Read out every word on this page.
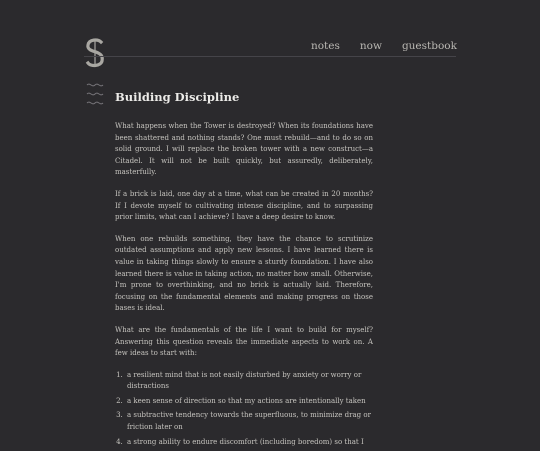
notes now guestbook
Building Discipline

What happens when the Tower is destroyed? When its foundations have been shattered and nothing stands? One must rebuild—and to do so on solid ground. I will replace the broken tower with a new construct—a Citadel. It will not be built quickly, but assuredly, deliberately, masterfully.

If a brick is laid, one day at a time, what can be created in 20 months? If I devote myself to cultivating intense discipline, and to surpassing prior limits, what can I achieve? I have a deep desire to know.

When one rebuilds something, they have the chance to scrutinize outdated assumptions and apply new lessons. I have learned there is value in taking things slowly to ensure a sturdy foundation. I have also learned there is value in taking action, no matter how small. Otherwise, I'm prone to overthinking, and no brick is actually laid. Therefore, focusing on the fundamental elements and making progress on those bases is ideal.

What are the fundamentals of the life I want to build for myself? Answering this question reveals the immediate aspects to work on. A few ideas to start with:

1. a resilient mind that is not easily disturbed by anxiety or worry or distractions
2. a keen sense of direction so that my actions are intentionally taken
3. a subtractive tendency towards the superfluous, to minimize drag or friction later on
4. a strong ability to endure discomfort (including boredom) so that I
